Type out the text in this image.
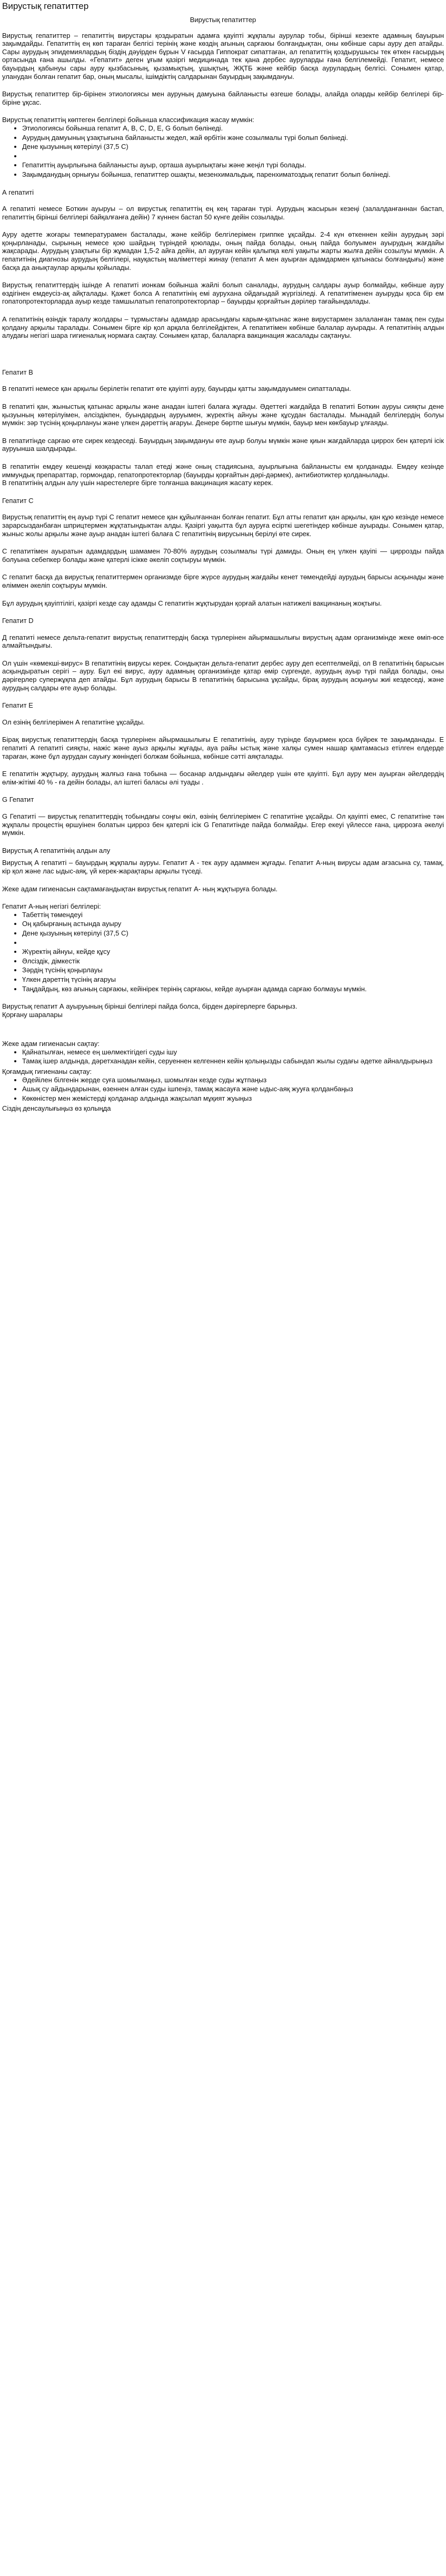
Вирустық гепатиттер
Вирустық гепатиттер

Вирустық гепатиттер – гепатиттің вирустары қоздыратын адамға қауіпті жұқпалы аурулар тобы, бірінші кезекте адамның бауырын зақымдайды. Гепатиттің ең көп тараған белгісі терінің және көздің ағының сарғаюы болғандықтан, оны көбінше сары ауру деп атайды. Сары аурудың эпидемиялардың біздің дәуірден бұрын V ғасырда Гиппократ сипаттаған, ал гепатиттің қоздырушысы тек өткен ғасырдың ортасында ғана ашылды. «Гепатит» деген ұғым қазіргі медицинада тек қана дербес ауруларды ғана белгілемейді. Гепатит, немесе бауырдың қабынуы сары ауру қызбасының, қызамықтың, ұшықтың, ЖҚТБ және кейбір басқа аурулардың белгісі. Сонымен қатар, уланудан болған гепатит бар, оның мысалы, ішімдіктің салдарынан бауырдың зақымдануы.

Вирустық гепатиттер бір-бірінен этиологиясы мен ауруның дамуына байланысты өзгеше болады, алайда оларды кейбір белгілері бір-біріне ұқсас.

Вирустық гепатиттің көптеген белгілері бойынша классификация жасау мүмкін:

• Этиологиясы бойынша гепатит A, B, C, D, E, G болып бөлінеді.
• Аурудың дамуының ұзақтығына байланысты жедел, жай өрбітін және созылмалы түрі болып бөлінеді.
• Дене қызуының көтерілуі (37,5 С)
•
• Гепатиттің ауырлығына байланысты ауыр, орташа ауырлықтағы және жеңіл түрі болады.
• Зақымданудың орнығуы бойынша, гепатиттер ошақты, мезенхимальдық, паренхиматоздық гепатит болып бөлінеді.
А гепатиті

А гепатиті немесе Боткин ауыруы – ол вирустық гепатиттің ең кең тараған түрі. Аурудың жасырын кезеңі (залалданғаннан бастап, гепатиттің бірінші белгілері байқалғанға дейін) 7 күннен бастап 50 күнге дейін созылады.

Ауру әдетте жоғары температурамен басталады, және кейбір белгілерімен гриппке ұқсайды. 2-4 күн өткеннен кейін аурудың зәрі қоңырланады, сырының немесе қою шайдың түріндей қоюлады, оның пайда болады, оның пайда болуымен ауырудың жағдайы жақсарады. Аурудың ұзақтығы бір жұмадан 1,5-2 айға дейін, ал ауруған кейін қалыпқа келі уақыты жарты жылға дейін созылуы мүмкін. А гепатитінің диагнозы аурудың белгілері, науқастың маліметтері жинау (гепатит А мен ауырған адамдармен қатынасы болғандығы) және басқа да анықтаулар арқылы қойылады.

Вирустық гепатиттердің ішінде А гепатиті ионкам бойынша жайлі болып саналады, аурудың салдары ауыр болмайды, көбінше ауру өздігінен емдеусіз-ақ айқталады. Қажет болса А гепатитінің емі аурухана ойдағыдай жүргізіледі. А гепатитіменен ауыруды қоса бір ем гопатопротекторларда ауыр кезде тамшылатып гепатопротекторлар – бауырды қорғайтын дәрілер тағайындалады.

А гепатитінің өзіндік таралу жолдары – тұрмыстағы адамдар арасындағы карым-қатынас және вирустармен залаланған тамақ пен суды қолдану арқылы таралады. Сонымен бірге кір қол арқала белгілейдіктен, А гепатитімен көбінше балалар ауырады. А гепатитінің алдын алудағы негізгі шара гигиеналық нормаға сақтау. Сонымен қатар, балаларға вакцинация жасалады сақтануы.

Гепатит В

В гепатиті немесе қан арқылы берілетін гепатит өте қауіпті ауру, бауырды қатты зақымдауымен сипатталады.

В гепатиті қан, жыныстық қатынас арқылы және анадан іштегі балаға жұғады. Әдеттегі жағдайда В гепатиті Боткин ауруы сияқты дене қызуының көтерілуімен, әлсіздікпен, буындардың ауруымен, жүректің айнуы және құсудан басталады. Мынадай белгілердің болуы мүмкін: зәр түсінің қоңырлануы және үлкен дәреттің ағаруы. Денере бөртпе шығуы мүмкін, бауыр мен көкбауыр ұлғаяды.

В гепатитінде сарғаю өте сирек кездеседі. Бауырдың зақымдануы өте ауыр болуы мүмкін және қиын жағдайларда циррох бен қатерлі ісік ауруынша шалдырады.

В гепатитін емдеу кешенді көзқарасты талап етеді және оның стадиясына, ауырлығына байланысты ем қолданады. Емдеу кезінде иммундық препараттар, гормондар, гепатопротекторлар (бауырды қорғайтын дәрі-дәрмек), антибиотиктер қолданылады.

В гепатитінің алдын алу үшін нарестелерге бірге толғанша вакцинация жасату керек.

Гепатит С

Вирустық гепатиттің ең ауыр түрі С гепатит немесе қан құйылғаннан болған гепатит. Бұл атты гепатит қан арқылы, қан құю кезінде немесе зарарсызданбаған шприцтермен жұқтатындыктан алды. Қазіргі уақытта бұл ауруға есірткі шегетіндер көбінше ауырады. Сонымен қатар, жыныс жолы арқылы және ауыр анадан іштегі балаға С гепатитінің вирусының берілуі өте сирек.

С гепатитімен ауыратын адамдардың шамамен 70-80% аурудың созылмалы түрі дамиды. Оның ең үлкен қауіпі — циррозды пайда болуына себепкер болады және қатерлі ісікке әкеліп соқтыруы мүмкін.

С гепатит басқа да вирустық гепатиттермен организмде бірге жүрсе аурудың жағдайы кенет төмендейді аурудың барысы асқынады және өліммен әкеліп соқтыруы мүмкін.

Бұл аурудың қауіптілігі, қазіргі кезде сау адамды С гепатитін жұқтырудан қорғай алатын натижелі вакцинаның жоқтығы.

Гепатит D

Д гепатиті немесе дельта-гепатит вирустық гепатиттердің басқа түрлерінен айырмашылығы вирустың адам организмінде жеке өміп-өсе алмайтындығы.

Ол үшін «көмекші-вирус» В гепатитінің вирусы керек. Сондықтан дельта-гепатит дербес ауру деп есептелмейді, ол В гепатитінің барысын асқындыратын серігі – ауру. Бұл екі вирус, ауру адамның организмінде қатар өмір сүргенде, аурудың ауыр түрі пайда болады, оны дәрігерлер супержұқпа деп атайды. Бұл аурудың барысы В гепатитінің барысына ұқсайды, бірақ аурудың асқынуы жиі кездеседі, және аурудың салдары өте ауыр болады.

Гепатит Е

Ол езінің белгілерімен А гепатитіне ұқсайды.

Бірақ вирустық гепатиттердің басқа түрлерінен айырмашылығы Е гепатитінің, ауру түрінде бауырмен қоса бүйрек те зақымданады. Е гепатиті А гепатиті сияқты, нажіс және ауыз арқылы жұғады, ауа райы ыстық және халқы сумен нашар қамтамасыз етілген елдерде тараған, және бұл аурудан сауығу жөніндегі болжам бойынша, көбінше сәтті аяқталады.

Е гепатитін жұқтыру, аурудың жалғыз ғана тобына — босанар алдындағы әйелдер үшін өте қауіпті. Бұл ауру мен ауырған әйелдердің өлім-жітімі 40 % - ға дейін болады, ал іштегі баласы әлі туады .

G Гепатит

G Гепатиті — вирустық гепатиттердің тобындағы соңғы өкіл, өзінің белгілерімен С гепатитіне ұқсайды. Ол қауіпті емес, С гепатитіне тән жұқпалы процестің өршуінен болатын цирроз бен қатерлі ісік G Гепатитінде пайда болмайды. Егер екеуі үйлессе ғана, циррозға әкелуі мүмкін.

Вирустық А гепатитінің алдын алу

Вирустық А гепатиті – бауырдың жұқпалы ауруы. Гепатит А - тек ауру адаммен жұғады. Гепатит А-ның вирусы адам ағзасына су, тамақ, кір қол және лас ыдыс-аяқ, үй керек-жарақтары арқылы түседі.

Жеке адам гигиенасын сақтамағандықтан вирустық гепатит А- ның жұқтыруға болады.

Гепатит А-ның негізгі белгілері:

• Табеттің төмендеуі
• Оң қабырғаның астында ауыру
• Дене қызуының көтерілуі (37,5 С)
•
• Жүректің айнуы, кейде құсу
• Әлсіздік, дімкестік
• Зәрдің түсінің қоңырлауы
• Үлкен дәреттің түсінің ағаруы
• Таңдайдың, көз ағының сарғаюы, кейінірек терінің сарғаюы, кейде ауырған адамда сарғаю болмауы мүмкін.

Вирустық гепатит А ауыруының бірінші белгілері пайда болса, бірден дәрігерлерге барыңыз.

Қорғану шаралары

Жеке адам гигиенасын сақтау:

• Қайнатылған, немесе ең шөлмектігідегі суды ішу
• Тамақ ішер алдында, дәретханадан кейін, серуеннен келгеннен кейін қолыңызды сабындап жылы судағы әдетке айналдырыңыз

Қоғамдық гигиенаны сақтау:

• Әдейілен бiлгенiн жерде суға шомылмаңыз, шомылған кезде суды жұтпаңыз
• Ашық су айдындарынан, өзеннен алған суды ішпеңіз, тамақ жасауға және ыдыс-аяқ жууға қолданбаңыз
• Көкөністер мен жемістерді қолданар алдында жақсылап мұқият жуыңыз

Сіздің денсаулығыңыз өз қолыңда
